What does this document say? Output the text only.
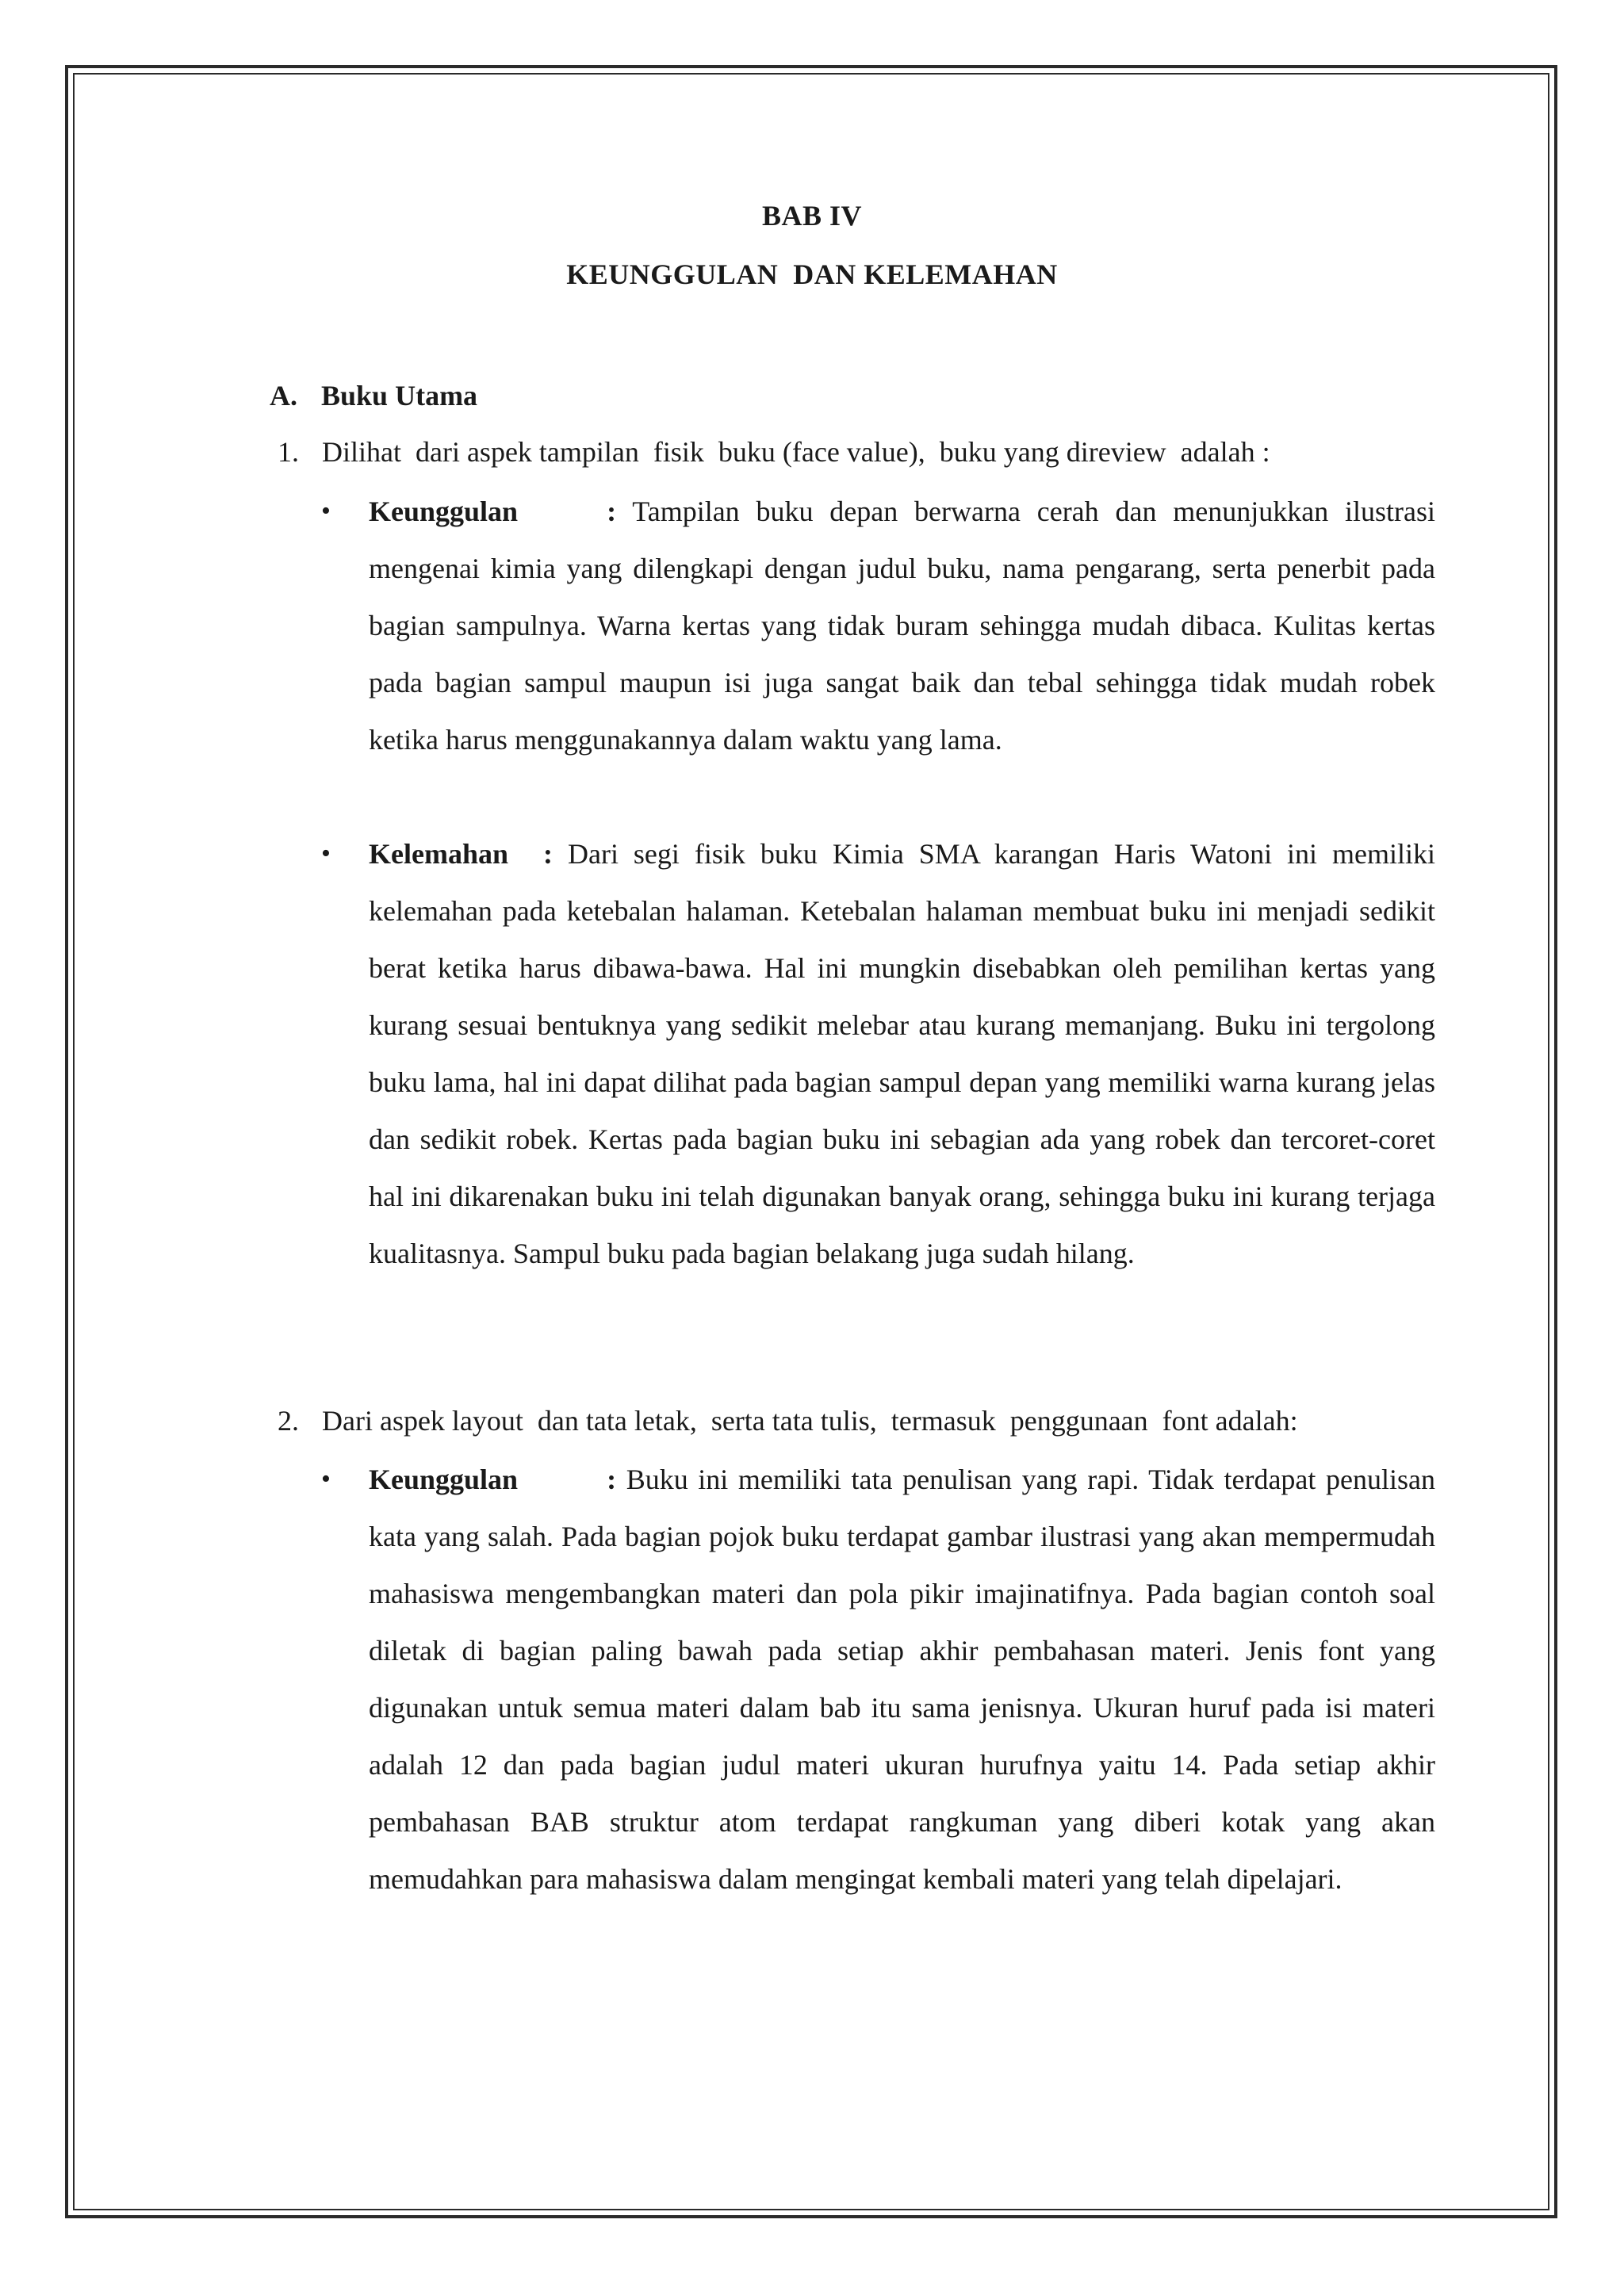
BAB IV
KEUNGGULAN  DAN KELEMAHAN
A. Buku Utama
1. Dilihat  dari aspek tampilan  fisik  buku (face value),  buku yang direview  adalah :
•	Keunggulan	: Tampilan buku depan berwarna cerah dan menunjukkan ilustrasi mengenai kimia yang dilengkapi dengan judul buku, nama pengarang, serta penerbit pada bagian sampulnya. Warna kertas yang tidak buram sehingga mudah dibaca. Kulitas kertas pada bagian sampul maupun isi juga sangat baik dan tebal sehingga tidak mudah robek ketika harus menggunakannya dalam waktu yang lama.
•	Kelemahan : Dari segi fisik buku Kimia SMA karangan Haris Watoni ini memiliki kelemahan pada ketebalan halaman. Ketebalan halaman membuat buku ini menjadi sedikit berat ketika harus dibawa-bawa. Hal ini mungkin disebabkan oleh pemilihan kertas yang kurang sesuai bentuknya yang sedikit melebar atau kurang memanjang. Buku ini tergolong buku lama, hal ini dapat dilihat pada bagian sampul depan yang memiliki warna kurang jelas dan sedikit robek. Kertas pada bagian buku ini sebagian ada yang robek dan tercoret-coret hal ini dikarenakan buku ini telah digunakan banyak orang, sehingga buku ini kurang terjaga kualitasnya. Sampul buku pada bagian belakang juga sudah hilang.
2. Dari aspek layout  dan tata letak,  serta tata tulis,  termasuk  penggunaan  font adalah:
•	Keunggulan	: Buku ini memiliki tata penulisan yang rapi. Tidak terdapat penulisan kata yang salah. Pada bagian pojok buku terdapat gambar ilustrasi yang akan mempermudah mahasiswa mengembangkan materi dan pola pikir imajinatifnya. Pada bagian contoh soal diletak di bagian paling bawah pada setiap akhir pembahasan materi. Jenis font yang digunakan untuk semua materi dalam bab itu sama jenisnya. Ukuran huruf pada isi materi adalah 12 dan pada bagian judul materi ukuran hurufnya yaitu 14. Pada setiap akhir pembahasan BAB struktur atom terdapat rangkuman yang diberi kotak yang akan memudahkan para mahasiswa dalam mengingat kembali materi yang telah dipelajari.
